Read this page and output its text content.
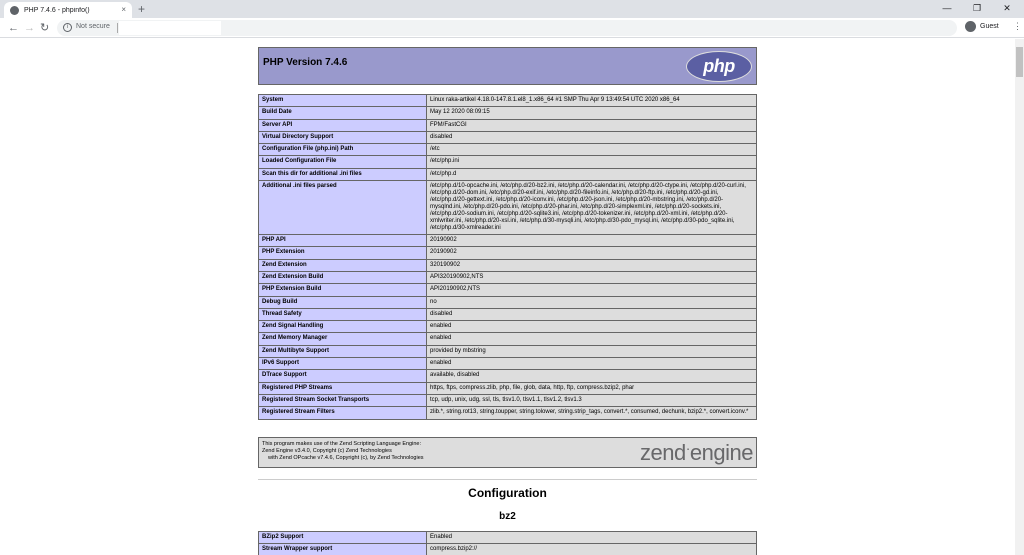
PHP 7.4.6 - phpinfo()	× +	—	❐	✕
← → ↻	i	Not secure	Guest ⋮
PHP Version 7.4.6	php
System	Linux raka-artikel 4.18.0-147.8.1.el8_1.x86_64 #1 SMP Thu Apr 9 13:49:54 UTC 2020 x86_64
Build Date	May 12 2020 08:09:15
Server API	FPM/FastCGI
Virtual Directory Support	disabled
Configuration File (php.ini) Path	/etc
Loaded Configuration File	/etc/php.ini
Scan this dir for additional .ini files	/etc/php.d
Additional .ini files parsed	/etc/php.d/10-opcache.ini, /etc/php.d/20-bz2.ini, /etc/php.d/20-calendar.ini, /etc/php.d/20-ctype.ini, /etc/php.d/20-curl.ini, /etc/php.d/20-dom.ini, /etc/php.d/20-exif.ini, /etc/php.d/20-fileinfo.ini, /etc/php.d/20-ftp.ini, /etc/php.d/20-gd.ini, /etc/php.d/20-gettext.ini, /etc/php.d/20-iconv.ini, /etc/php.d/20-json.ini, /etc/php.d/20-mbstring.ini, /etc/php.d/20-mysqlnd.ini, /etc/php.d/20-pdo.ini, /etc/php.d/20-phar.ini, /etc/php.d/20-simplexml.ini, /etc/php.d/20-sockets.ini, /etc/php.d/20-sodium.ini, /etc/php.d/20-sqlite3.ini, /etc/php.d/20-tokenizer.ini, /etc/php.d/20-xml.ini, /etc/php.d/20-xmlwriter.ini, /etc/php.d/20-xsl.ini, /etc/php.d/30-mysqli.ini, /etc/php.d/30-pdo_mysql.ini, /etc/php.d/30-pdo_sqlite.ini, /etc/php.d/30-xmlreader.ini
PHP API	20190902
PHP Extension	20190902
Zend Extension	320190902
Zend Extension Build	API320190902,NTS
PHP Extension Build	API20190902,NTS
Debug Build	no
Thread Safety	disabled
Zend Signal Handling	enabled
Zend Memory Manager	enabled
Zend Multibyte Support	provided by mbstring
IPv6 Support	enabled
DTrace Support	available, disabled
Registered PHP Streams	https, ftps, compress.zlib, php, file, glob, data, http, ftp, compress.bzip2, phar
Registered Stream Socket Transports	tcp, udp, unix, udg, ssl, tls, tlsv1.0, tlsv1.1, tlsv1.2, tlsv1.3
Registered Stream Filters	zlib.*, string.rot13, string.toupper, string.tolower, string.strip_tags, convert.*, consumed, dechunk, bzip2.*, convert.iconv.*
This program makes use of the Zend Scripting Language Engine:
Zend Engine v3.4.0, Copyright (c) Zend Technologies
with Zend OPcache v7.4.6, Copyright (c), by Zend Technologies	zend·engine
Configuration
bz2
BZip2 Support	Enabled
Stream Wrapper support	compress.bzip2://
